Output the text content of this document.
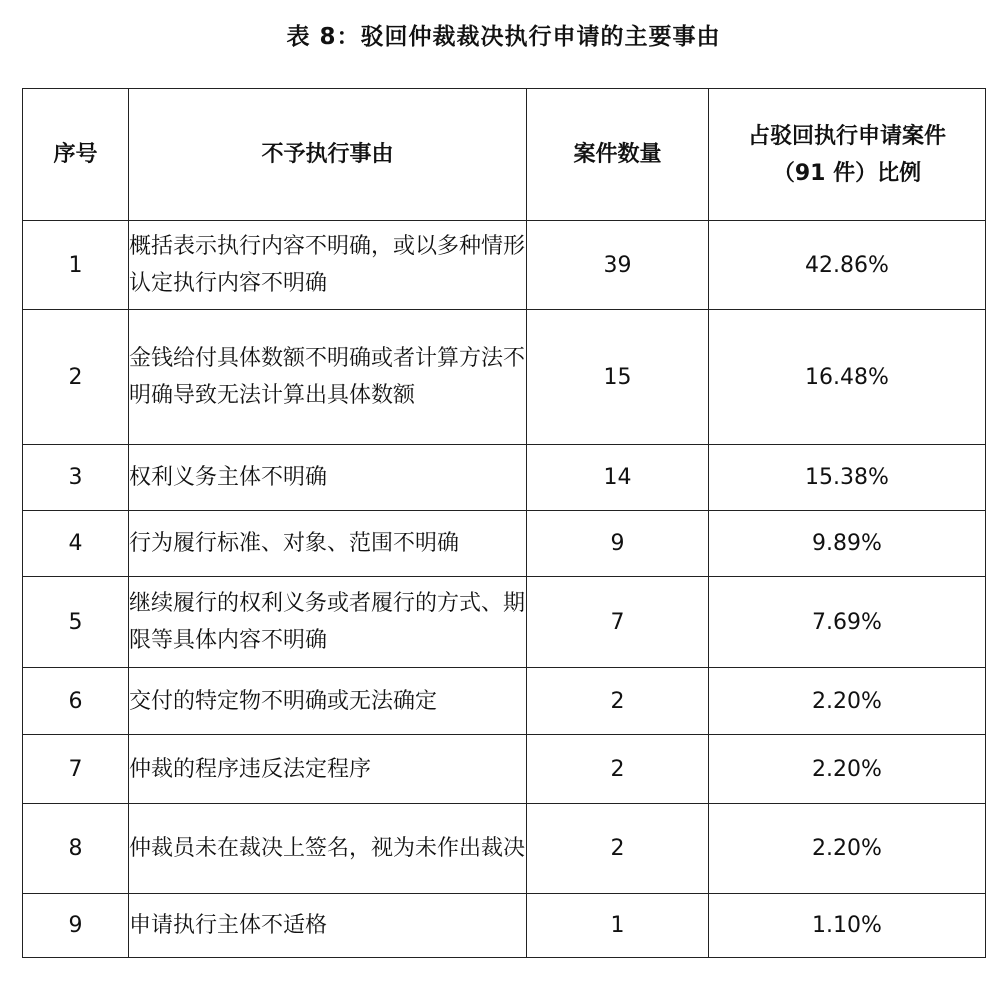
表 8：驳回仲裁裁决执行申请的主要事由
序号	不予执行事由	案件数量	占驳回执行申请案件
（91 件）比例

1	概括表示执行内容不明确，或以多种情形认定执行内容不明确	39	42.86%
2	金钱给付具体数额不明确或者计算方法不明确导致无法计算出具体数额	15	16.48%
3	权利义务主体不明确	14	15.38%
4	行为履行标准、对象、范围不明确	9	9.89%
5	继续履行的权利义务或者履行的方式、期限等具体内容不明确	7	7.69%
6	交付的特定物不明确或无法确定	2	2.20%
7	仲裁的程序违反法定程序	2	2.20%
8	仲裁员未在裁决上签名，视为未作出裁决	2	2.20%
9	申请执行主体不适格	1	1.10%
